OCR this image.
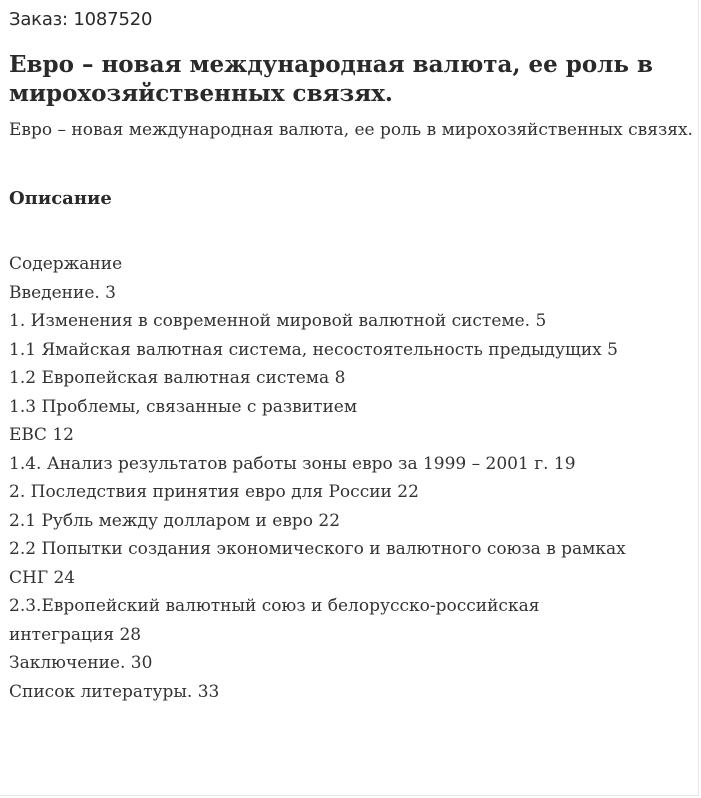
Заказ: 1087520
Евро – новая международная валюта, ее роль в мирохозяйственных связях.
Евро – новая международная валюта, ее роль в мирохозяйственных связях.
Описание
Содержание
Введение. 3
1. Изменения в современной мировой валютной системе. 5
1.1 Ямайская валютная система, несостоятельность предыдущих 5
1.2 Европейская валютная система 8
1.3 Проблемы, связанные с развитием
ЕВС 12
1.4. Анализ результатов работы зоны евро за 1999 – 2001 г. 19
2. Последствия принятия евро для России 22
2.1 Рубль между долларом и евро 22
2.2 Попытки создания экономического и валютного союза в рамках
СНГ 24
2.3.Европейский валютный союз и белорусско-российская
интеграция 28
Заключение. 30
Список литературы. 33
